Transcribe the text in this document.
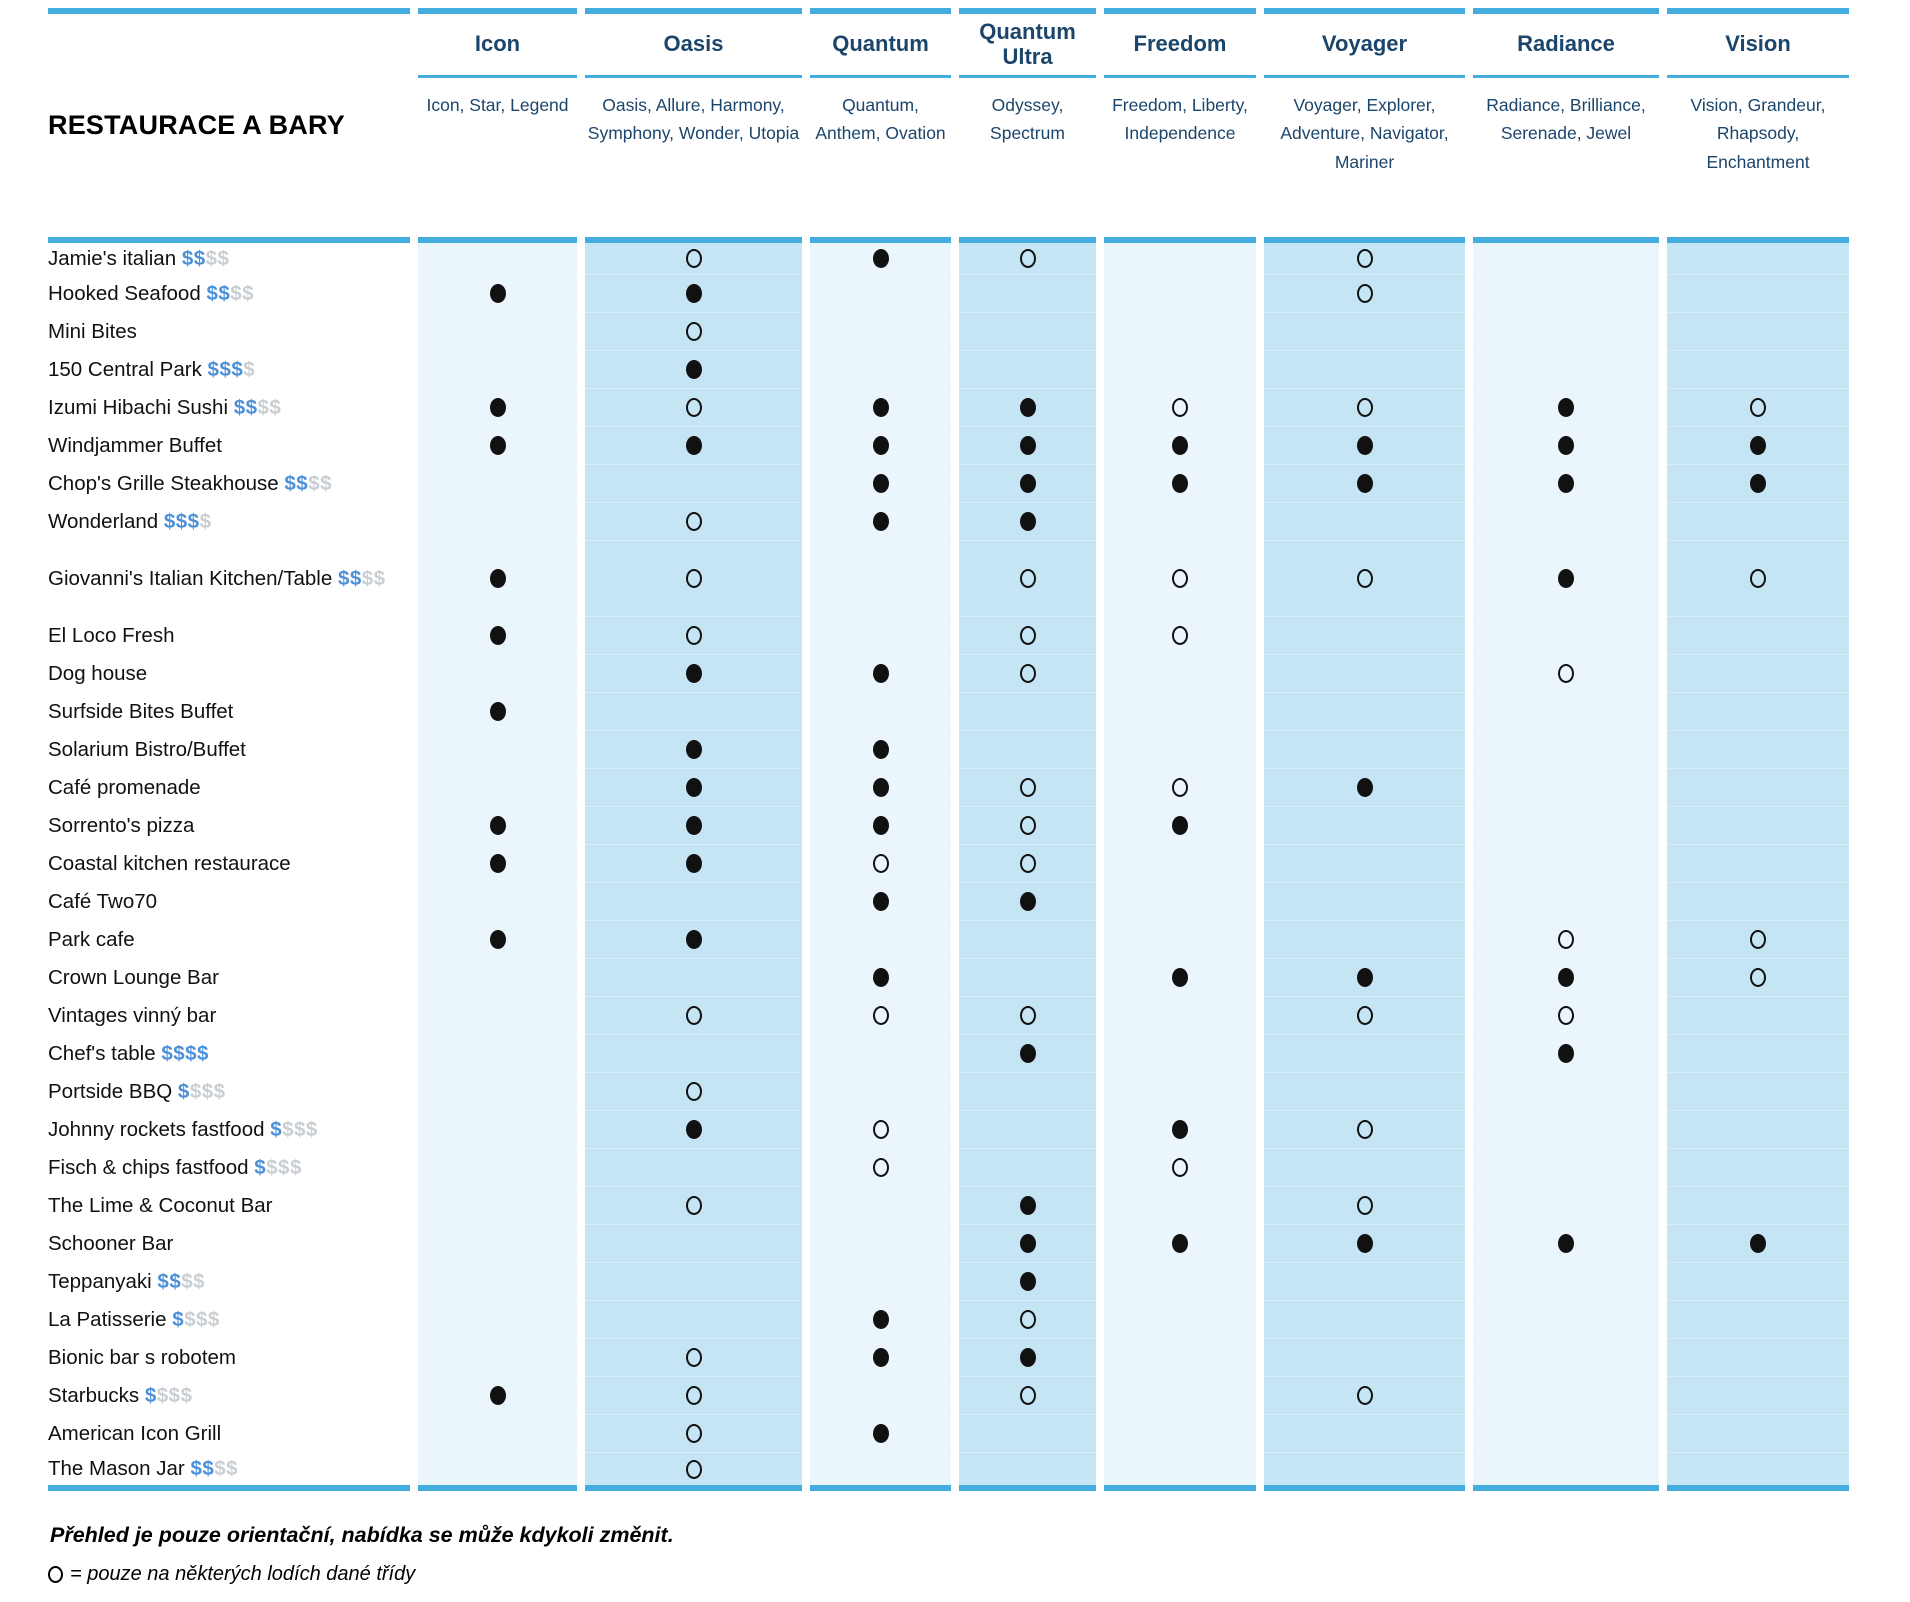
RESTAURACE A BARY
Icon
Icon, Star, Legend
Oasis
Oasis, Allure, Harmony, Symphony, Wonder, Utopia
Quantum
Quantum, Anthem, Ovation
Quantum Ultra
Odyssey, Spectrum
Freedom
Freedom, Liberty, Independence
Voyager
Voyager, Explorer, Adventure, Navigator, Mariner
Radiance
Radiance, Brilliance, Serenade, Jewel
Vision
Vision, Grandeur, Rhapsody, Enchantment
Jamie's italian $$$$
Hooked Seafood $$$$
Mini Bites
150 Central Park $$$$
Izumi Hibachi Sushi $$$$
Windjammer Buffet
Chop's Grille Steakhouse $$$$
Wonderland $$$$
Giovanni's Italian Kitchen/Table $$$$
El Loco Fresh
Dog house
Surfside Bites Buffet
Solarium Bistro/Buffet
Café promenade
Sorrento's pizza
Coastal kitchen restaurace
Café Two70
Park cafe
Crown Lounge Bar
Vintages vinný bar
Chef's table $$$$
Portside BBQ $$$$
Johnny rockets fastfood $$$$
Fisch & chips fastfood $$$$
The Lime & Coconut Bar
Schooner Bar
Teppanyaki $$$$
La Patisserie $$$$
Bionic bar s robotem
Starbucks $$$$
American Icon Grill
The Mason Jar $$$$

Přehled je pouze orientační, nabídka se může kdykoli změnit.

= pouze na některých lodích dané třídy
